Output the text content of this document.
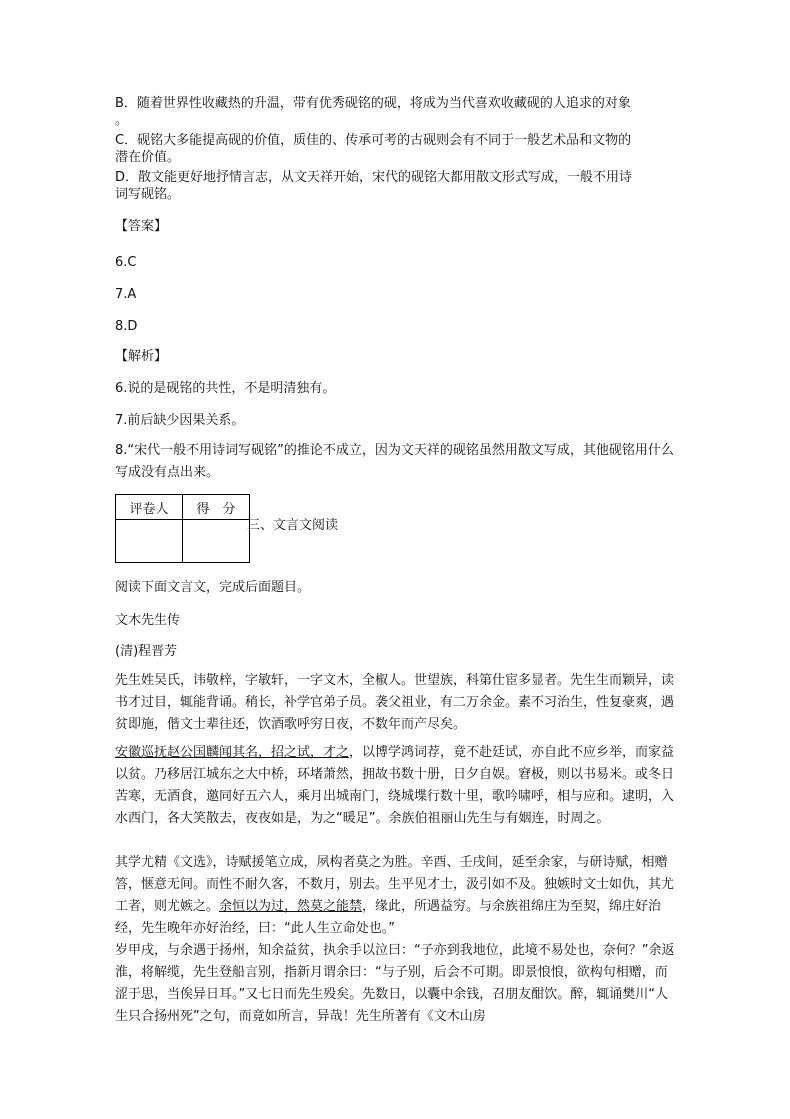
B．随着世界性收藏热的升温，带有优秀砚铭的砚，将成为当代喜欢收藏砚的人追求的对象
。
C．砚铭大多能提高砚的价值，质佳的、传承可考的古砚则会有不同于一般艺术品和文物的
潜在价值。
D．散文能更好地抒情言志，从文天祥开始，宋代的砚铭大都用散文形式写成，一般不用诗
词写砚铭。
【答案】
6.C
7.A
8.D
【解析】
6.说的是砚铭的共性，不是明清独有。
7.前后缺少因果关系。
8.“宋代一般不用诗词写砚铭”的推论不成立，因为文天祥的砚铭虽然用散文写成，其他砚铭用什么写成没有点出来。
评卷人	得　分

三、文言文阅读
阅读下面文言文，完成后面题目。
文木先生传
(清)程晋芳
先生姓吴氏，讳敬梓，字敏轩，一字文木，全椒人。世望族，科第仕宦多显者。先生生而颖异，读书才过目，辄能背诵。稍长，补学官弟子员。袭父祖业，有二万余金。素不习治生，性复豪爽，遇贫即施，偕文士辈往还，饮酒歌呼穷日夜，不数年而产尽矣。
安徽巡抚赵公国麟闻其名，招之试，才之，以博学鸿词荐，竟不赴廷试，亦自此不应乡举，而家益以贫。乃移居江城东之大中桥，环堵萧然，拥故书数十册，日夕自娱。窘极，则以书易米。或冬日苦寒，无酒食，邀同好五六人，乘月出城南门，绕城堞行数十里，歌吟啸呼，相与应和。逮明，入水西门，各大笑散去，夜夜如是，为之“暖足”。余族伯祖丽山先生与有姻连，时周之。
其学尤精《文选》，诗赋援笔立成，夙构者莫之为胜。辛酉、壬戌间，延至余家，与研诗赋，相赠答，惬意无间。而性不耐久客，不数月，别去。生平见才士，汲引如不及。独嫉时文士如仇，其尤工者，则尤嫉之。余恒以为过，然莫之能禁，缘此，所遇益穷。与余族祖绵庄为至契，绵庄好治经，先生晚年亦好治经，曰：“此人生立命处也。”
岁甲戌，与余遇于扬州，知余益贫，执余手以泣曰：“子亦到我地位，此境不易处也，奈何？”余返淮，将解缆，先生登船言别，指新月谓余曰：“与子别，后会不可期。即景悢悢，欲构句相赠，而涩于思，当俟异日耳。”又七日而先生殁矣。先数日，以囊中余钱，召朋友酣饮。醉，辄诵樊川“人生只合扬州死”之句，而竟如所言，异哉！先生所著有《文木山房
